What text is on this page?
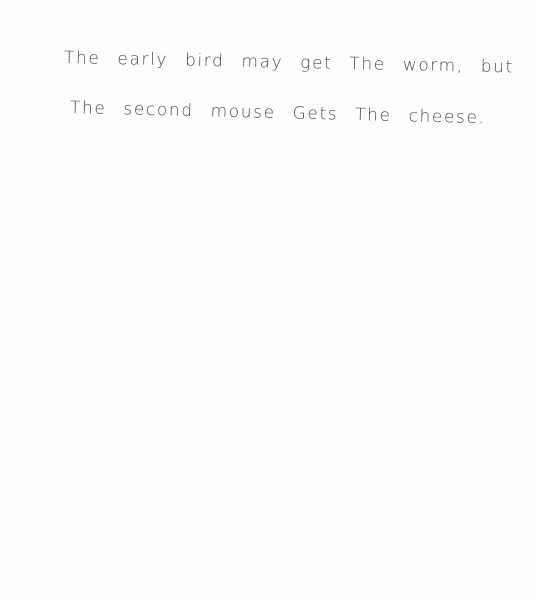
The early bird may get The worm, but
The second mouse Gets The cheese.
